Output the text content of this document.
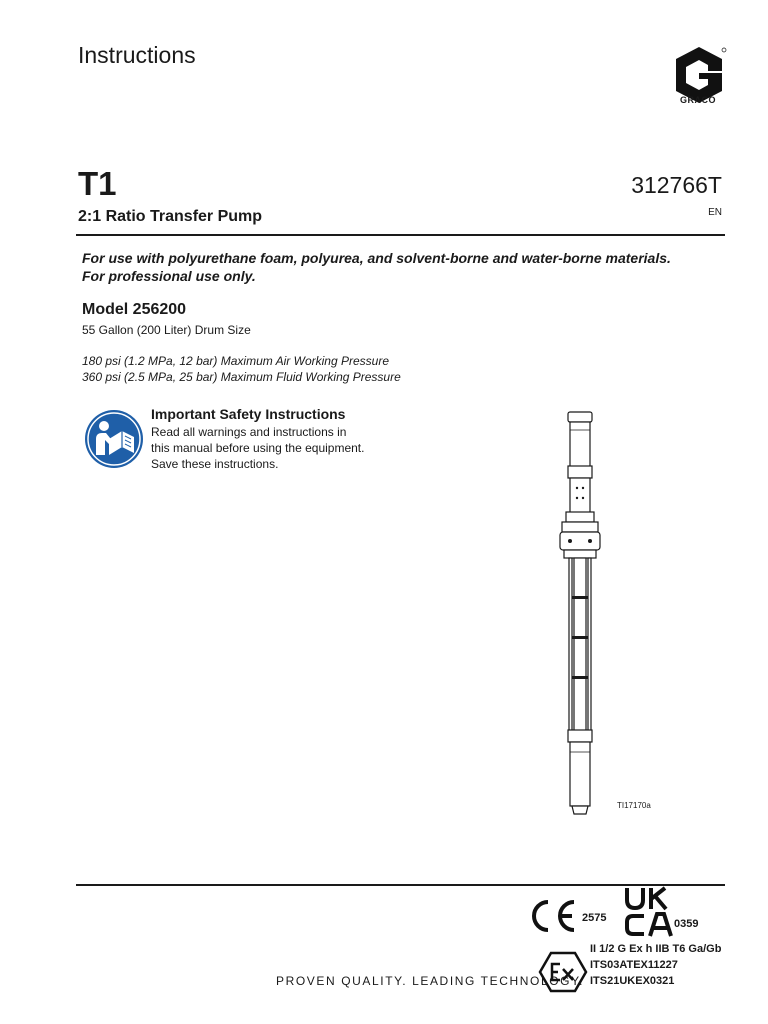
Instructions
GRACO
T1	312766T
2:1 Ratio Transfer Pump	EN
For use with polyurethane foam, polyurea, and solvent-borne and water-borne materials.
For professional use only.
Model 256200
55 Gallon (200 Liter) Drum Size
180 psi (1.2 MPa, 12 bar) Maximum Air Working Pressure
360 psi (2.5 MPa, 25 bar) Maximum Fluid Working Pressure
Important Safety Instructions
Read all warnings and instructions in
this manual before using the equipment.
Save these instructions.
TI17170a
PROVEN QUALITY. LEADING TECHNOLOGY.
2575	0359
II 1/2 G Ex h IIB T6 Ga/Gb
ITS03ATEX11227
ITS21UKEX0321
